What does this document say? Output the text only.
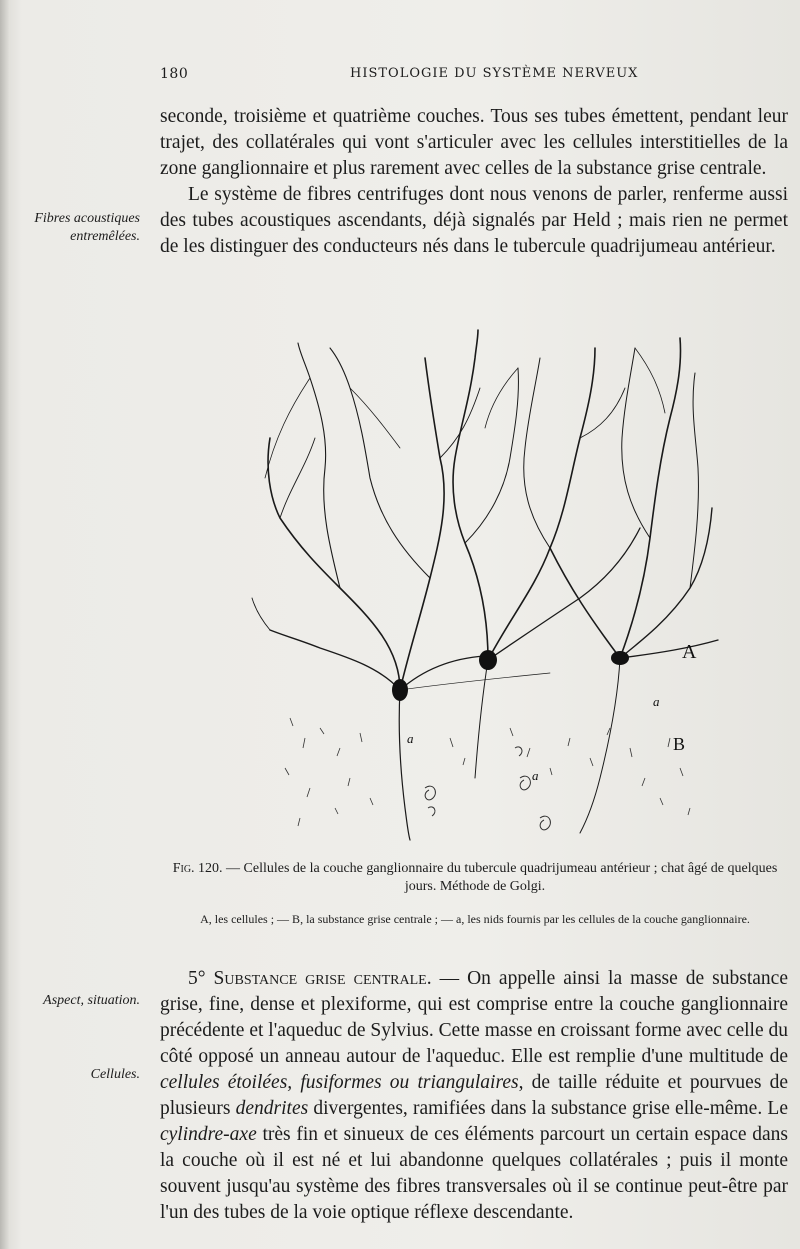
180	HISTOLOGIE DU SYSTÈME NERVEUX

seconde, troisième et quatrième couches. Tous ses tubes émettent, pendant leur trajet, des collatérales qui vont s'articuler avec les cellules interstitielles de la zone ganglionnaire et plus rarement avec celles de la substance grise centrale.

Le système de fibres centrifuges dont nous venons de parler, renferme aussi des tubes acoustiques ascendants, déjà signalés par Held ; mais rien ne permet de les distinguer des conducteurs nés dans le tubercule quadrijumeau antérieur.

Fibres acoustiques entremêlées.
A
B
a
a
a
Fig. 120. — Cellules de la couche ganglionnaire du tubercule quadrijumeau antérieur ; chat âgé de quelques jours. Méthode de Golgi.
A, les cellules ; — B, la substance grise centrale ; — a, les nids fournis par les cellules de la couche ganglionnaire.

5° Substance grise centrale. — On appelle ainsi la masse de substance grise, fine, dense et plexiforme, qui est comprise entre la couche ganglionnaire précédente et l'aqueduc de Sylvius. Cette masse en croissant forme avec celle du côté opposé un anneau autour de l'aqueduc. Elle est remplie d'une multitude de cellules étoilées, fusiformes ou triangulaires, de taille réduite et pourvues de plusieurs dendrites divergentes, ramifiées dans la substance grise elle-même. Le cylindre-axe très fin et sinueux de ces éléments parcourt un certain espace dans la couche où il est né et lui abandonne quelques collatérales ; puis il monte souvent jusqu'au système des fibres transversales où il se continue peut-être par l'un des tubes de la voie optique réflexe descendante.

Aspect, situation.
Cellules.
